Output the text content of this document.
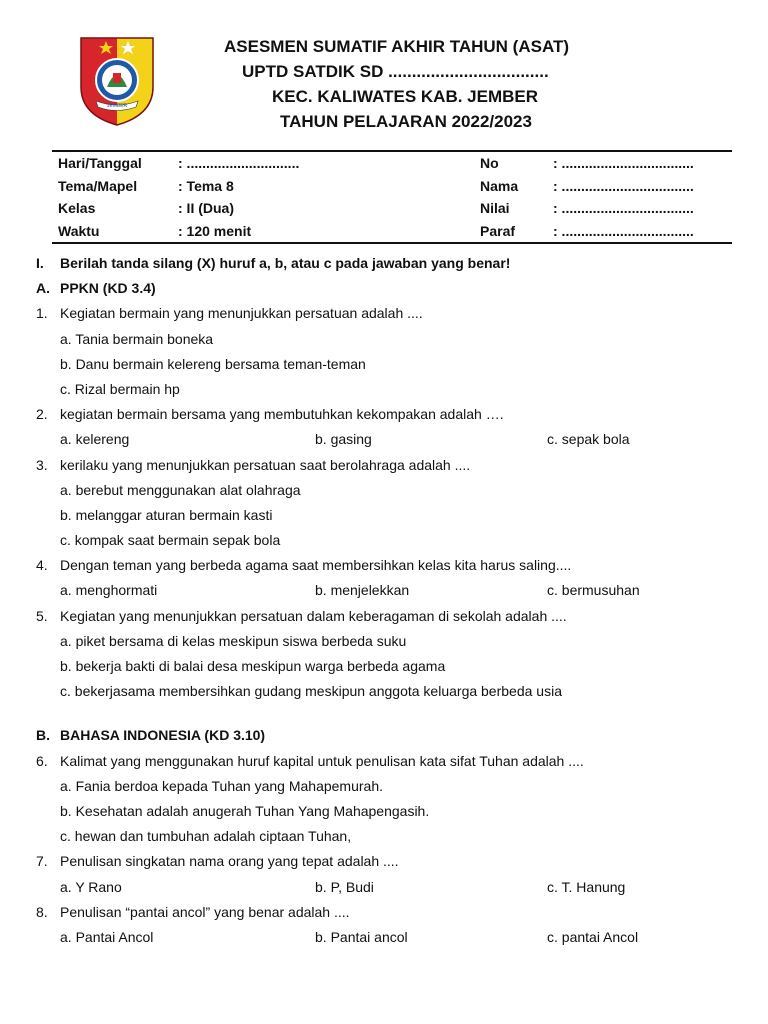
JEMBER
ASESMEN SUMATIF AKHIR TAHUN (ASAT)
UPTD SATDIK SD ..................................
KEC. KALIWATES KAB. JEMBER
TAHUN PELAJARAN 2022/2023
Hari/Tanggal	: .............................	No	: ..................................
Tema/Mapel	: Tema 8	Nama : ..................................
Kelas	: II (Dua)	Nilai	: ..................................
Waktu	: 120 menit	Paraf	: ..................................
I. Berilah tanda silang (X) huruf a, b, atau c pada jawaban yang benar!
A. PPKN (KD 3.4)
1. Kegiatan bermain yang menunjukkan persatuan adalah ....
a. Tania bermain boneka
b. Danu bermain kelereng bersama teman-teman
c. Rizal bermain hp
2. kegiatan bermain bersama yang membutuhkan kekompakan adalah ….
a. kelereng	b. gasing	c. sepak bola
3. kerilaku yang menunjukkan persatuan saat berolahraga adalah ....
a. berebut menggunakan alat olahraga
b. melanggar aturan bermain kasti
c. kompak saat bermain sepak bola
4. Dengan teman yang berbeda agama saat membersihkan kelas kita harus saling....
a. menghormati	b. menjelekkan	c. bermusuhan
5. Kegiatan yang menunjukkan persatuan dalam keberagaman di sekolah adalah ....
a. piket bersama di kelas meskipun siswa berbeda suku
b. bekerja bakti di balai desa meskipun warga berbeda agama
c. bekerjasama membersihkan gudang meskipun anggota keluarga berbeda usia
B. BAHASA INDONESIA (KD 3.10)
6. Kalimat yang menggunakan huruf kapital untuk penulisan kata sifat Tuhan adalah ....
a. Fania berdoa kepada Tuhan yang Mahapemurah.
b. Kesehatan adalah anugerah Tuhan Yang Mahapengasih.
c. hewan dan tumbuhan adalah ciptaan Tuhan,
7. Penulisan singkatan nama orang yang tepat adalah ....
a. Y Rano	b. P, Budi	c. T. Hanung
8. Penulisan “pantai ancol” yang benar adalah ....
a. Pantai Ancol	b. Pantai ancol	c. pantai Ancol
